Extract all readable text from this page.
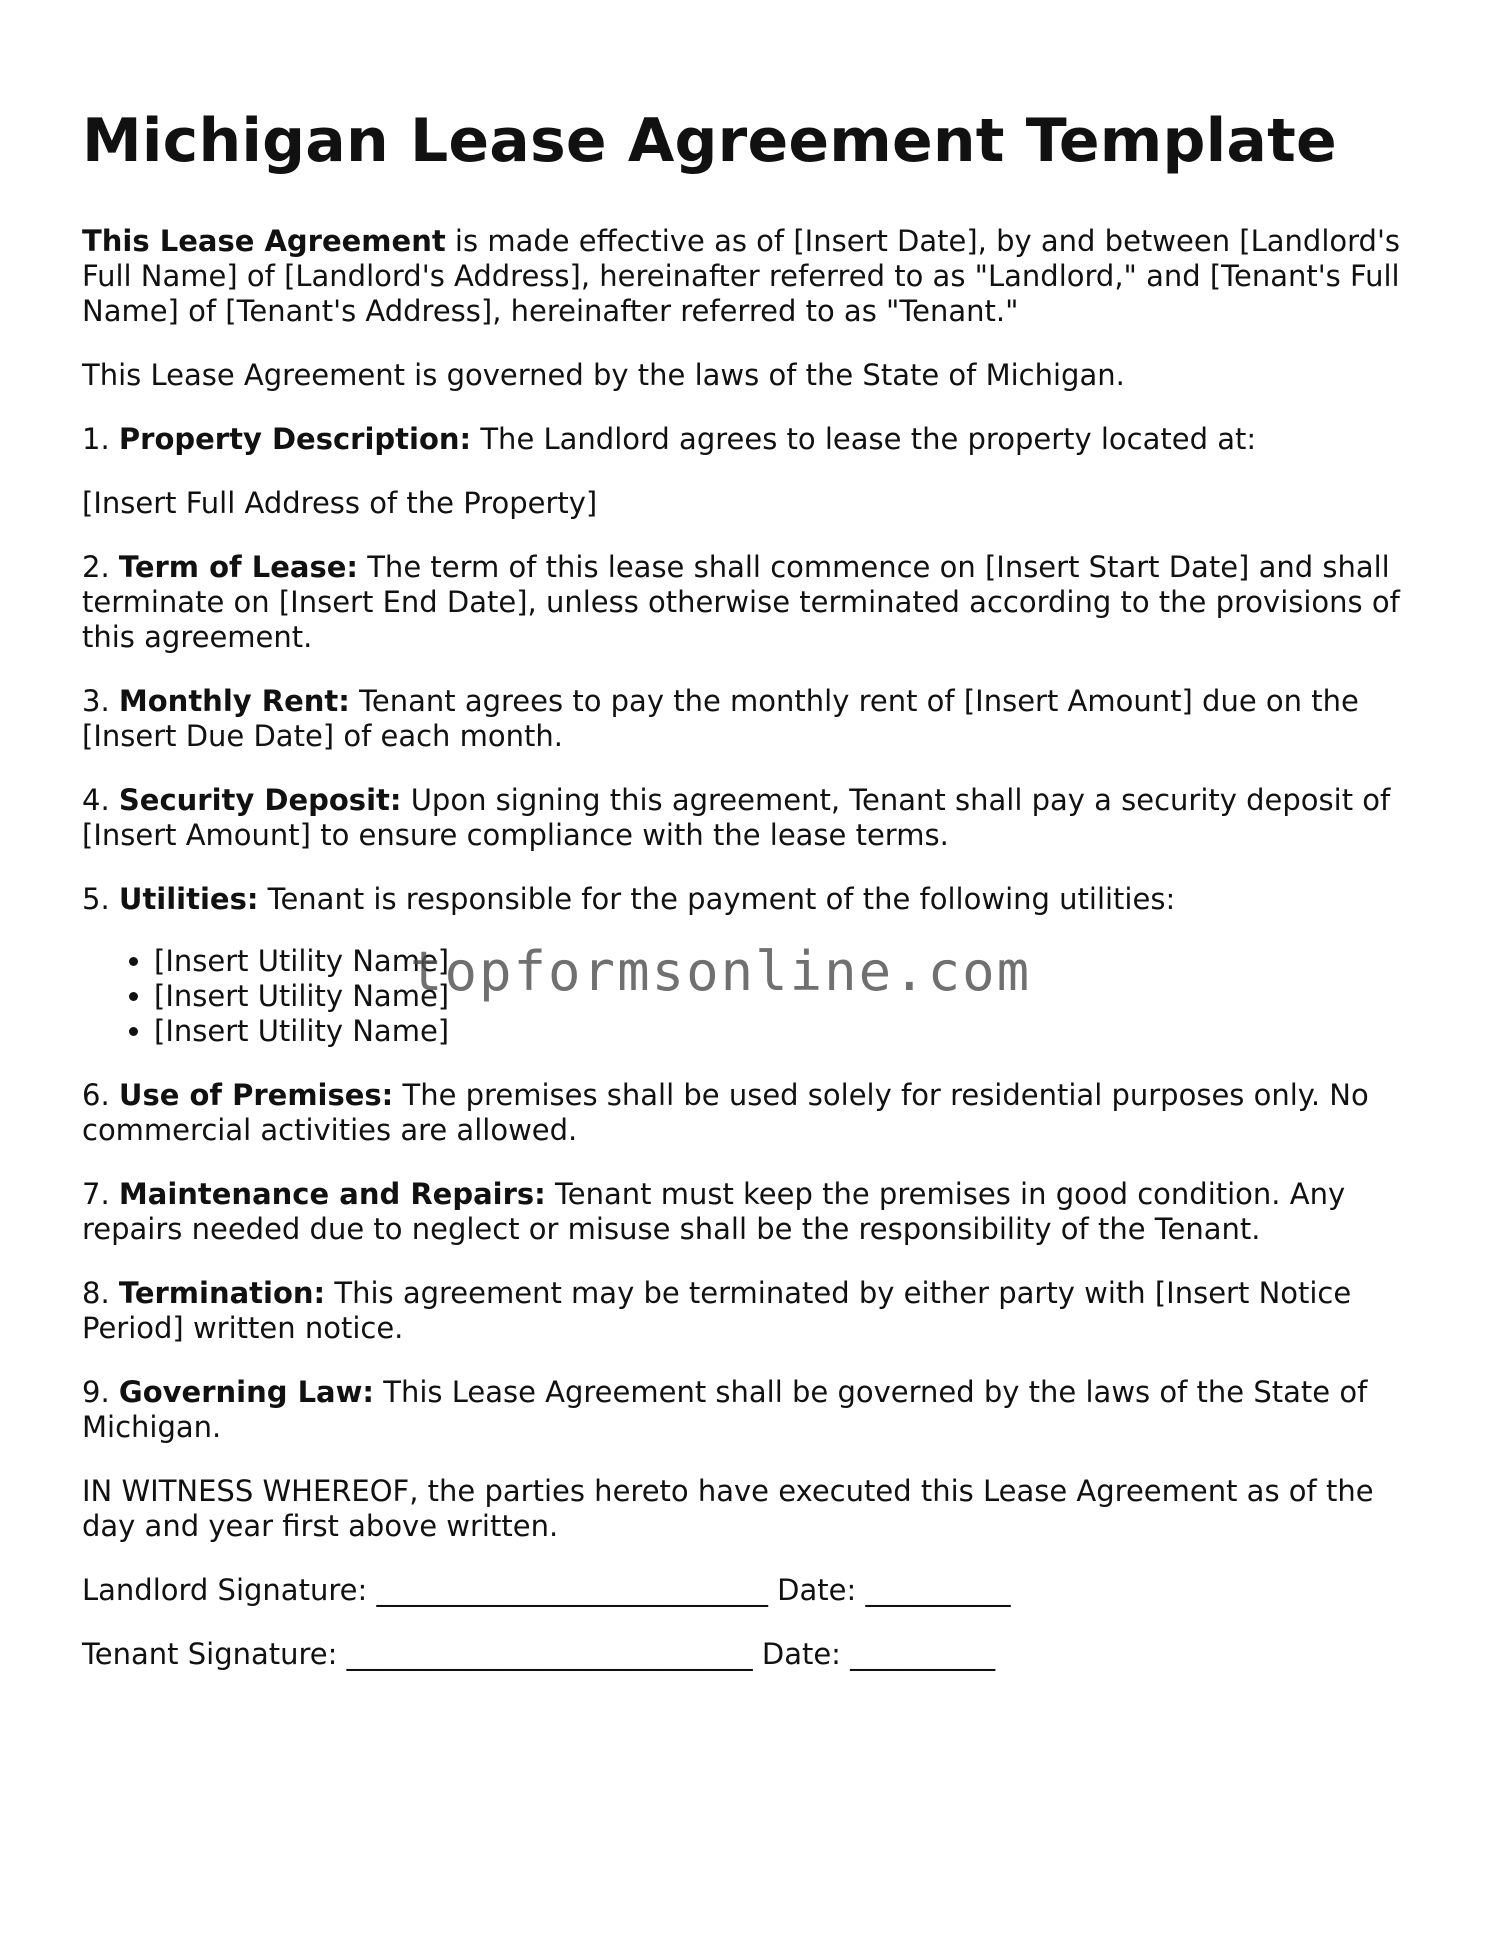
Michigan Lease Agreement Template

This Lease Agreement is made effective as of [Insert Date], by and between [Landlord's Full Name] of [Landlord's Address], hereinafter referred to as "Landlord," and [Tenant's Full Name] of [Tenant's Address], hereinafter referred to as "Tenant."

This Lease Agreement is governed by the laws of the State of Michigan.

1. Property Description: The Landlord agrees to lease the property located at:

[Insert Full Address of the Property]

2. Term of Lease: The term of this lease shall commence on [Insert Start Date] and shall terminate on [Insert End Date], unless otherwise terminated according to the provisions of this agreement.

3. Monthly Rent: Tenant agrees to pay the monthly rent of [Insert Amount] due on the [Insert Due Date] of each month.

4. Security Deposit: Upon signing this agreement, Tenant shall pay a security deposit of [Insert Amount] to ensure compliance with the lease terms.

5. Utilities: Tenant is responsible for the payment of the following utilities:

• [Insert Utility Name]
• [Insert Utility Name]
• [Insert Utility Name]

6. Use of Premises: The premises shall be used solely for residential purposes only. No commercial activities are allowed.

7. Maintenance and Repairs: Tenant must keep the premises in good condition. Any repairs needed due to neglect or misuse shall be the responsibility of the Tenant.

8. Termination: This agreement may be terminated by either party with [Insert Notice Period] written notice.

9. Governing Law: This Lease Agreement shall be governed by the laws of the State of Michigan.

IN WITNESS WHEREOF, the parties hereto have executed this Lease Agreement as of the day and year first above written.

Landlord Signature: ___________________________ Date: __________

Tenant Signature: ____________________________ Date: __________

topformsonline.com
